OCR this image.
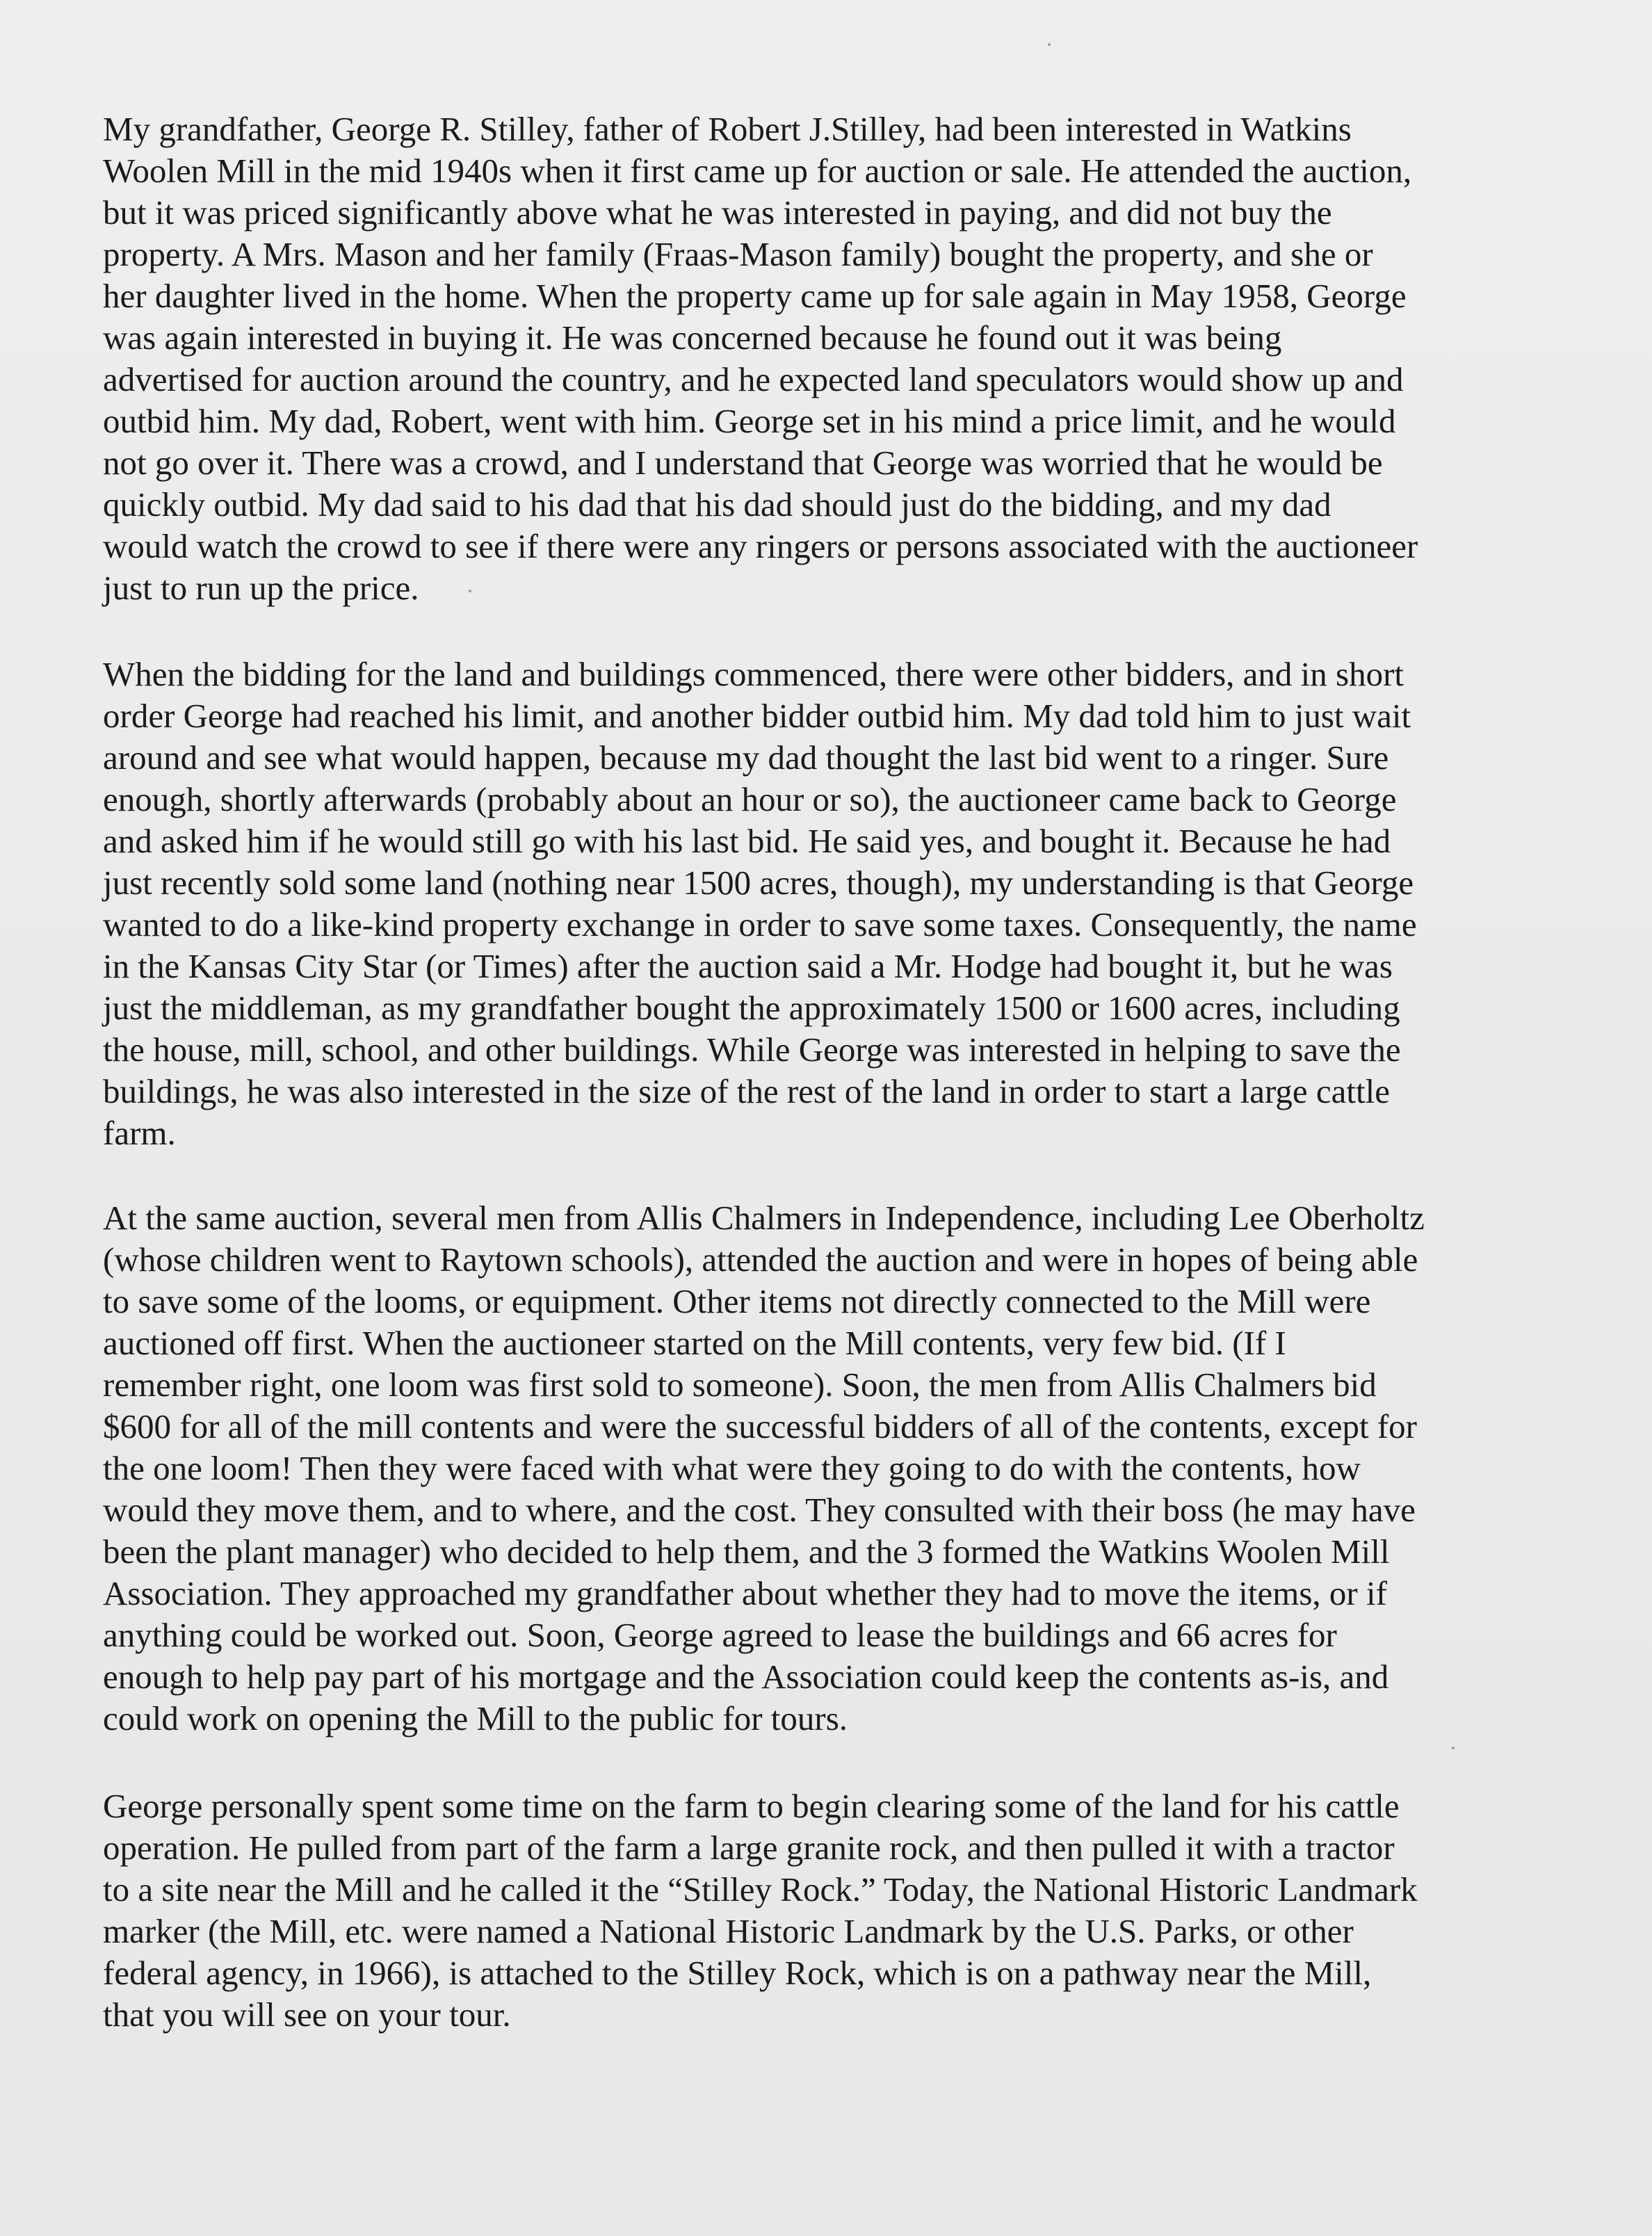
My grandfather, George R. Stilley, father of Robert J.Stilley, had been interested in Watkins
Woolen Mill in the mid 1940s when it first came up for auction or sale. He attended the auction,
but it was priced significantly above what he was interested in paying, and did not buy the
property. A Mrs. Mason and her family (Fraas-Mason family) bought the property, and she or
her daughter lived in the home. When the property came up for sale again in May 1958, George
was again interested in buying it. He was concerned because he found out it was being
advertised for auction around the country, and he expected land speculators would show up and
outbid him. My dad, Robert, went with him. George set in his mind a price limit, and he would
not go over it. There was a crowd, and I understand that George was worried that he would be
quickly outbid. My dad said to his dad that his dad should just do the bidding, and my dad
would watch the crowd to see if there were any ringers or persons associated with the auctioneer
just to run up the price.
When the bidding for the land and buildings commenced, there were other bidders, and in short
order George had reached his limit, and another bidder outbid him. My dad told him to just wait
around and see what would happen, because my dad thought the last bid went to a ringer. Sure
enough, shortly afterwards (probably about an hour or so), the auctioneer came back to George
and asked him if he would still go with his last bid. He said yes, and bought it. Because he had
just recently sold some land (nothing near 1500 acres, though), my understanding is that George
wanted to do a like-kind property exchange in order to save some taxes. Consequently, the name
in the Kansas City Star (or Times) after the auction said a Mr. Hodge had bought it, but he was
just the middleman, as my grandfather bought the approximately 1500 or 1600 acres, including
the house, mill, school, and other buildings. While George was interested in helping to save the
buildings, he was also interested in the size of the rest of the land in order to start a large cattle
farm.
At the same auction, several men from Allis Chalmers in Independence, including Lee Oberholtz
(whose children went to Raytown schools), attended the auction and were in hopes of being able
to save some of the looms, or equipment. Other items not directly connected to the Mill were
auctioned off first. When the auctioneer started on the Mill contents, very few bid. (If I
remember right, one loom was first sold to someone). Soon, the men from Allis Chalmers bid
$600 for all of the mill contents and were the successful bidders of all of the contents, except for
the one loom! Then they were faced with what were they going to do with the contents, how
would they move them, and to where, and the cost. They consulted with their boss (he may have
been the plant manager) who decided to help them, and the 3 formed the Watkins Woolen Mill
Association. They approached my grandfather about whether they had to move the items, or if
anything could be worked out. Soon, George agreed to lease the buildings and 66 acres for
enough to help pay part of his mortgage and the Association could keep the contents as-is, and
could work on opening the Mill to the public for tours.
George personally spent some time on the farm to begin clearing some of the land for his cattle
operation. He pulled from part of the farm a large granite rock, and then pulled it with a tractor
to a site near the Mill and he called it the “Stilley Rock.” Today, the National Historic Landmark
marker (the Mill, etc. were named a National Historic Landmark by the U.S. Parks, or other
federal agency, in 1966), is attached to the Stilley Rock, which is on a pathway near the Mill,
that you will see on your tour.
